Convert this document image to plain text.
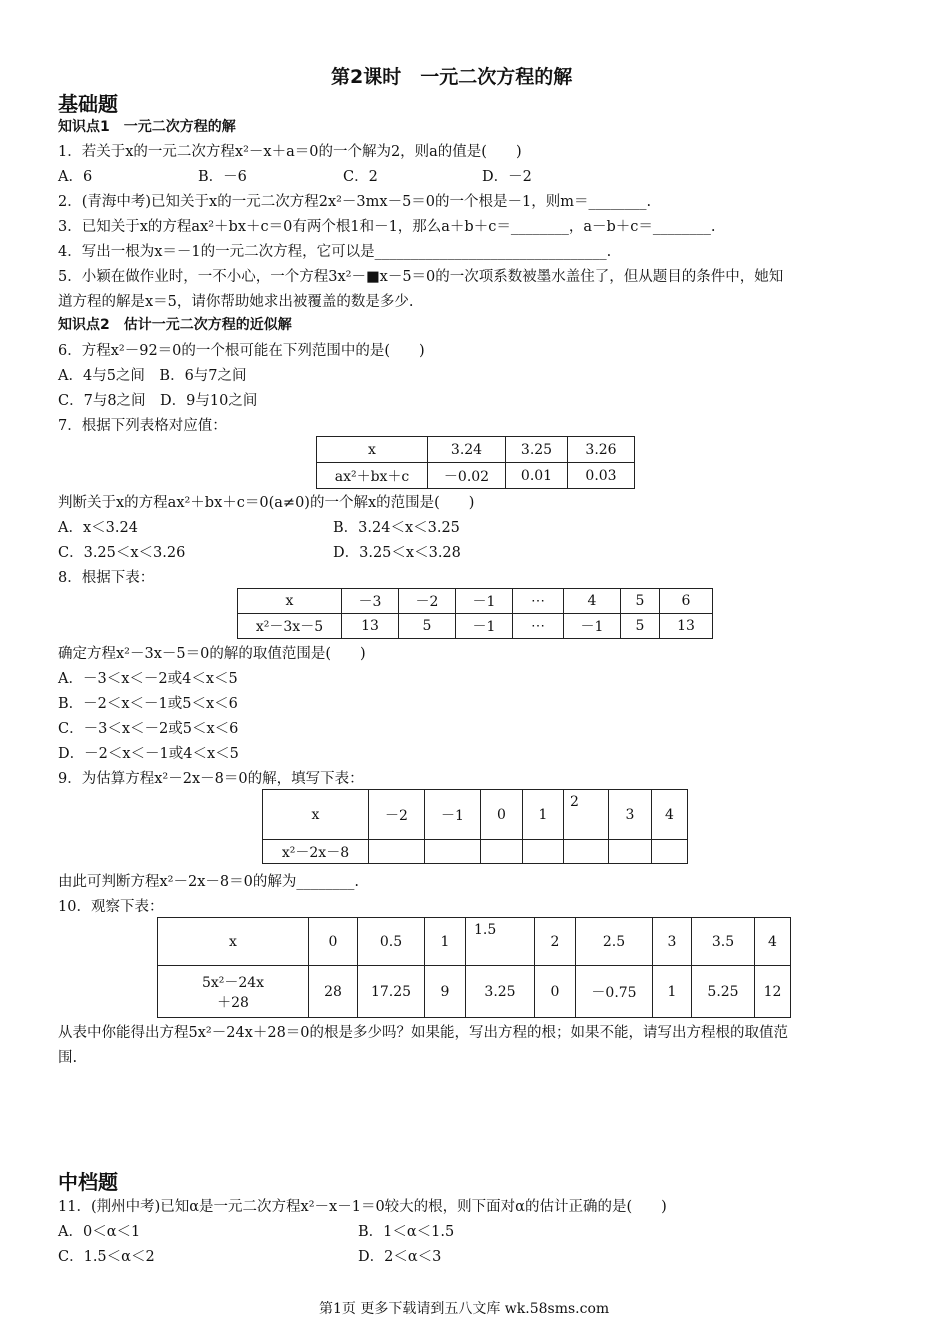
第2课时　一元二次方程的解
基础题
知识点1　一元二次方程的解
1．若关于x的一元二次方程x²－x＋a＝0的一个解为2，则a的值是(　　)
A．6	B．－6	C．2	D．－2
2．(青海中考)已知关于x的一元二次方程2x²－3mx－5＝0的一个根是－1，则m＝________.
3．已知关于x的方程ax²＋bx＋c＝0有两个根1和－1，那么a＋b＋c＝________，a－b＋c＝________.
4．写出一根为x＝－1的一元二次方程，它可以是________________________________.
5．小颖在做作业时，一不小心，一个方程3x²－■x－5＝0的一次项系数被墨水盖住了，但从题目的条件中，她知
道方程的解是x＝5，请你帮助她求出被覆盖的数是多少.
知识点2　估计一元二次方程的近似解
6．方程x²－92＝0的一个根可能在下列范围中的是(　　)
A．4与5之间　B．6与7之间
C．7与8之间　D．9与10之间
7．根据下列表格对应值：
x	3.24	3.25	3.26
ax²＋bx＋c	－0.02	0.01	0.03
判断关于x的方程ax²＋bx＋c＝0(a≠0)的一个解x的范围是(　　)
A．x＜3.24	B．3.24＜x＜3.25
C．3.25＜x＜3.26	D．3.25＜x＜3.28
8．根据下表：
x	－3	－2	－1	⋯	4	5	6
x²－3x－5	13	5	－1	⋯	－1	5	13
确定方程x²－3x－5＝0的解的取值范围是(　　)
A．－3＜x＜－2或4＜x＜5
B．－2＜x＜－1或5＜x＜6
C．－3＜x＜－2或5＜x＜6
D．－2＜x＜－1或4＜x＜5
9．为估算方程x²－2x－8＝0的解，填写下表：
x	－2	－1	0	1	2	3	4
x²－2x－8							
由此可判断方程x²－2x－8＝0的解为________.
10．观察下表：
x	0	0.5	1	1.5	2	2.5	3	3.5	4

5x²－24x
＋28	28	17.25	9	3.25	0	－0.75	1	5.25	12
从表中你能得出方程5x²－24x＋28＝0的根是多少吗？如果能，写出方程的根；如果不能，请写出方程根的取值范
围.
中档题
11．(荆州中考)已知α是一元二次方程x²－x－1＝0较大的根，则下面对α的估计正确的是(　　)
A．0＜α＜1	B．1＜α＜1.5
C．1.5＜α＜2	D．2＜α＜3
第1页 更多下载请到五八文库 wk.58sms.com
